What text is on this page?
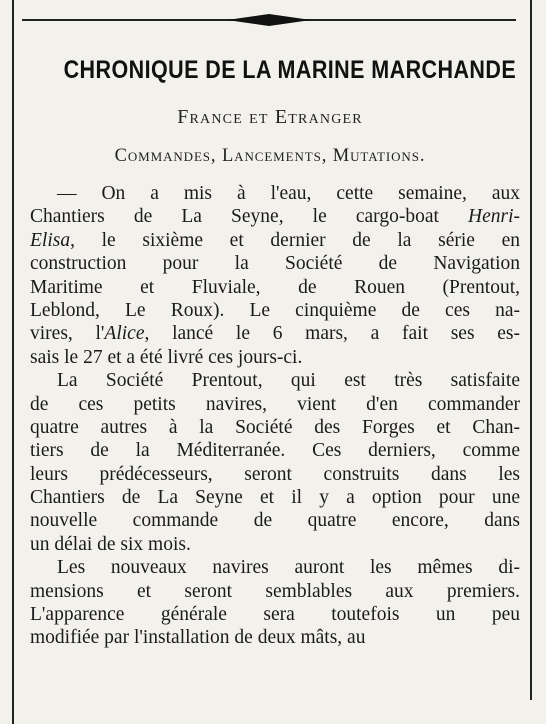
CHRONIQUE DE LA MARINE MARCHANDE
France et Etranger
Commandes, Lancements, Mutations.
— On a mis à l'eau, cette semaine, aux
Chantiers de La Seyne, le cargo-boat Henri-
Elisa, le sixième et dernier de la série en
construction pour la Société de Navigation
Maritime et Fluviale, de Rouen (Prentout,
Leblond, Le Roux). Le cinquième de ces na-
vires, l'Alice, lancé le 6 mars, a fait ses es-
sais le 27 et a été livré ces jours-ci.
La Société Prentout, qui est très satisfaite
de ces petits navires, vient d'en commander
quatre autres à la Société des Forges et Chan-
tiers de la Méditerranée. Ces derniers, comme
leurs prédécesseurs, seront construits dans les
Chantiers de La Seyne et il y a option pour une
nouvelle commande de quatre encore, dans
un délai de six mois.
Les nouveaux navires auront les mêmes di-
mensions et seront semblables aux premiers.
L'apparence générale sera toutefois un peu
modifiée par l'installation de deux mâts, au
